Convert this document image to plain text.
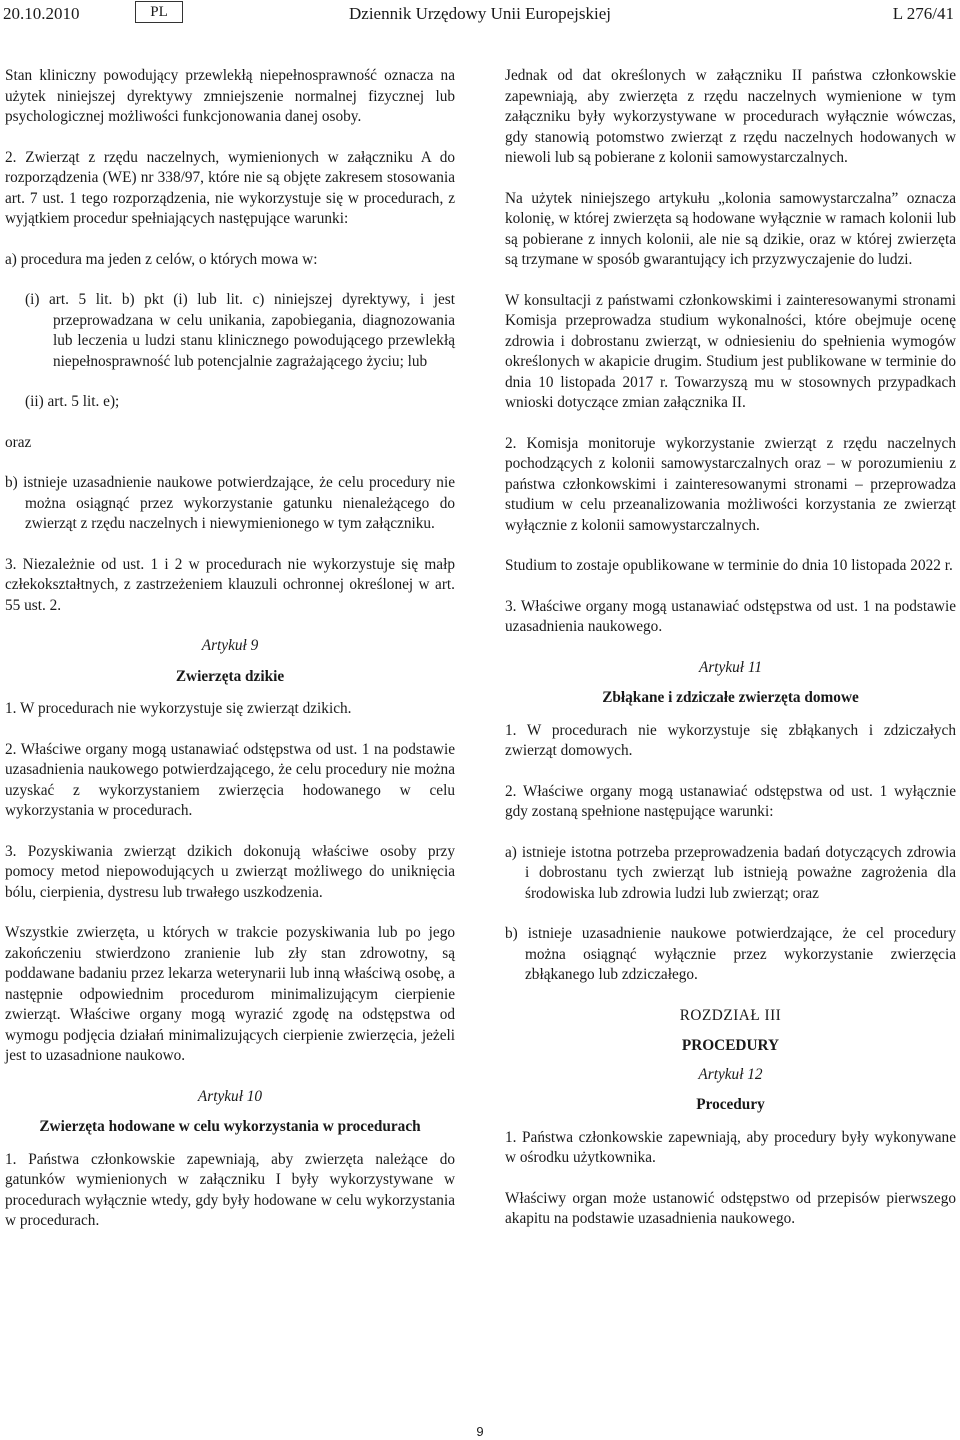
20.10.2010	PL	Dziennik Urzędowy Unii Europejskiej	L 276/41

Stan kliniczny powodujący przewlekłą niepełnosprawność oznacza na użytek niniejszej dyrektywy zmniejszenie normalnej fizycznej lub psychologicznej możliwości funkcjonowania danej osoby.

2. Zwierząt z rzędu naczelnych, wymienionych w załączniku A do rozporządzenia (WE) nr 338/97, które nie są objęte zakresem stosowania art. 7 ust. 1 tego rozporządzenia, nie wykorzystuje się w procedurach, z wyjątkiem procedur spełniających następujące warunki:

a) procedura ma jeden z celów, o których mowa w:

(i) art. 5 lit. b) pkt (i) lub lit. c) niniejszej dyrektywy, i jest przeprowadzana w celu unikania, zapobiegania, diagnozowania lub leczenia u ludzi stanu klinicznego powodującego przewlekłą niepełnosprawność lub potencjalnie zagrażającego życiu; lub

(ii) art. 5 lit. e);

oraz

b) istnieje uzasadnienie naukowe potwierdzające, że celu procedury nie można osiągnąć przez wykorzystanie gatunku nienależącego do zwierząt z rzędu naczelnych i niewymienionego w tym załączniku.

3. Niezależnie od ust. 1 i 2 w procedurach nie wykorzystuje się małp człekokształtnych, z zastrzeżeniem klauzuli ochronnej określonej w art. 55 ust. 2.

Artykuł 9

Zwierzęta dzikie

1. W procedurach nie wykorzystuje się zwierząt dzikich.

2. Właściwe organy mogą ustanawiać odstępstwa od ust. 1 na podstawie uzasadnienia naukowego potwierdzającego, że celu procedury nie można uzyskać z wykorzystaniem zwierzęcia hodowanego w celu wykorzystania w procedurach.

3. Pozyskiwania zwierząt dzikich dokonują właściwe osoby przy pomocy metod niepowodujących u zwierząt możliwego do uniknięcia bólu, cierpienia, dystresu lub trwałego uszkodzenia.

Wszystkie zwierzęta, u których w trakcie pozyskiwania lub po jego zakończeniu stwierdzono zranienie lub zły stan zdrowotny, są poddawane badaniu przez lekarza weterynarii lub inną właściwą osobę, a następnie odpowiednim procedurom minimalizującym cierpienie zwierząt. Właściwe organy mogą wyrazić zgodę na odstępstwa od wymogu podjęcia działań minimalizujących cierpienie zwierzęcia, jeżeli jest to uzasadnione naukowo.

Artykuł 10

Zwierzęta hodowane w celu wykorzystania w procedurach

1. Państwa członkowskie zapewniają, aby zwierzęta należące do gatunków wymienionych w załączniku I były wykorzystywane w procedurach wyłącznie wtedy, gdy były hodowane w celu wykorzystania w procedurach.

Jednak od dat określonych w załączniku II państwa członkowskie zapewniają, aby zwierzęta z rzędu naczelnych wymienione w tym załączniku były wykorzystywane w procedurach wyłącznie wówczas, gdy stanowią potomstwo zwierząt z rzędu naczelnych hodowanych w niewoli lub są pobierane z kolonii samowystarczalnych.

Na użytek niniejszego artykułu „kolonia samowystarczalna” oznacza kolonię, w której zwierzęta są hodowane wyłącznie w ramach kolonii lub są pobierane z innych kolonii, ale nie są dzikie, oraz w której zwierzęta są trzymane w sposób gwarantujący ich przyzwyczajenie do ludzi.

W konsultacji z państwami członkowskimi i zainteresowanymi stronami Komisja przeprowadza studium wykonalności, które obejmuje ocenę zdrowia i dobrostanu zwierząt, w odniesieniu do spełnienia wymogów określonych w akapicie drugim. Studium jest publikowane w terminie do dnia 10 listopada 2017 r. Towarzyszą mu w stosownych przypadkach wnioski dotyczące zmian załącznika II.

2. Komisja monitoruje wykorzystanie zwierząt z rzędu naczelnych pochodzących z kolonii samowystarczalnych oraz – w porozumieniu z państwa członkowskimi i zainteresowanymi stronami – przeprowadza studium w celu przeanalizowania możliwości korzystania ze zwierząt wyłącznie z kolonii samowystarczalnych.

Studium to zostaje opublikowane w terminie do dnia 10 listopada 2022 r.

3. Właściwe organy mogą ustanawiać odstępstwa od ust. 1 na podstawie uzasadnienia naukowego.

Artykuł 11

Zbłąkane i zdziczałe zwierzęta domowe

1. W procedurach nie wykorzystuje się zbłąkanych i zdziczałych zwierząt domowych.

2. Właściwe organy mogą ustanawiać odstępstwa od ust. 1 wyłącznie gdy zostaną spełnione następujące warunki:

a) istnieje istotna potrzeba przeprowadzenia badań dotyczących zdrowia i dobrostanu tych zwierząt lub istnieją poważne zagrożenia dla środowiska lub zdrowia ludzi lub zwierząt; oraz

b) istnieje uzasadnienie naukowe potwierdzające, że cel procedury można osiągnąć wyłącznie przez wykorzystanie zwierzęcia zbłąkanego lub zdziczałego.

ROZDZIAŁ III

PROCEDURY

Artykuł 12

Procedury

1. Państwa członkowskie zapewniają, aby procedury były wykonywane w ośrodku użytkownika.

Właściwy organ może ustanowić odstępstwo od przepisów pierwszego akapitu na podstawie uzasadnienia naukowego.

9
